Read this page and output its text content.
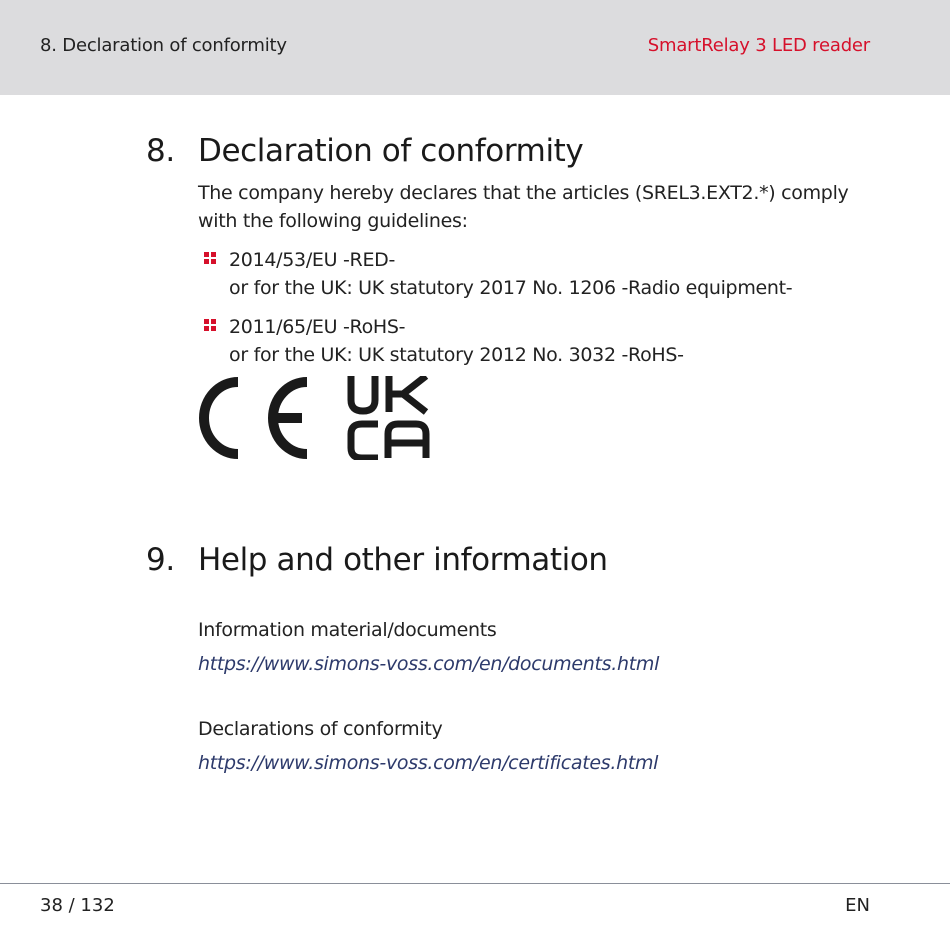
8. Declaration of conformity	SmartRelay 3 LED reader
8. Declaration of conformity
The company hereby declares that the articles (SREL3.EXT2.*) comply
with the following guidelines:
2014/53/EU -RED-
or for the UK: UK statutory 2017 No. 1206 -Radio equipment-
2011/65/EU -RoHS-
or for the UK: UK statutory 2012 No. 3032 -RoHS-
9. Help and other information
Information material/documents
https://www.simons-voss.com/en/documents.html
Declarations of conformity
https://www.simons-voss.com/en/certificates.html
38 / 132	EN
